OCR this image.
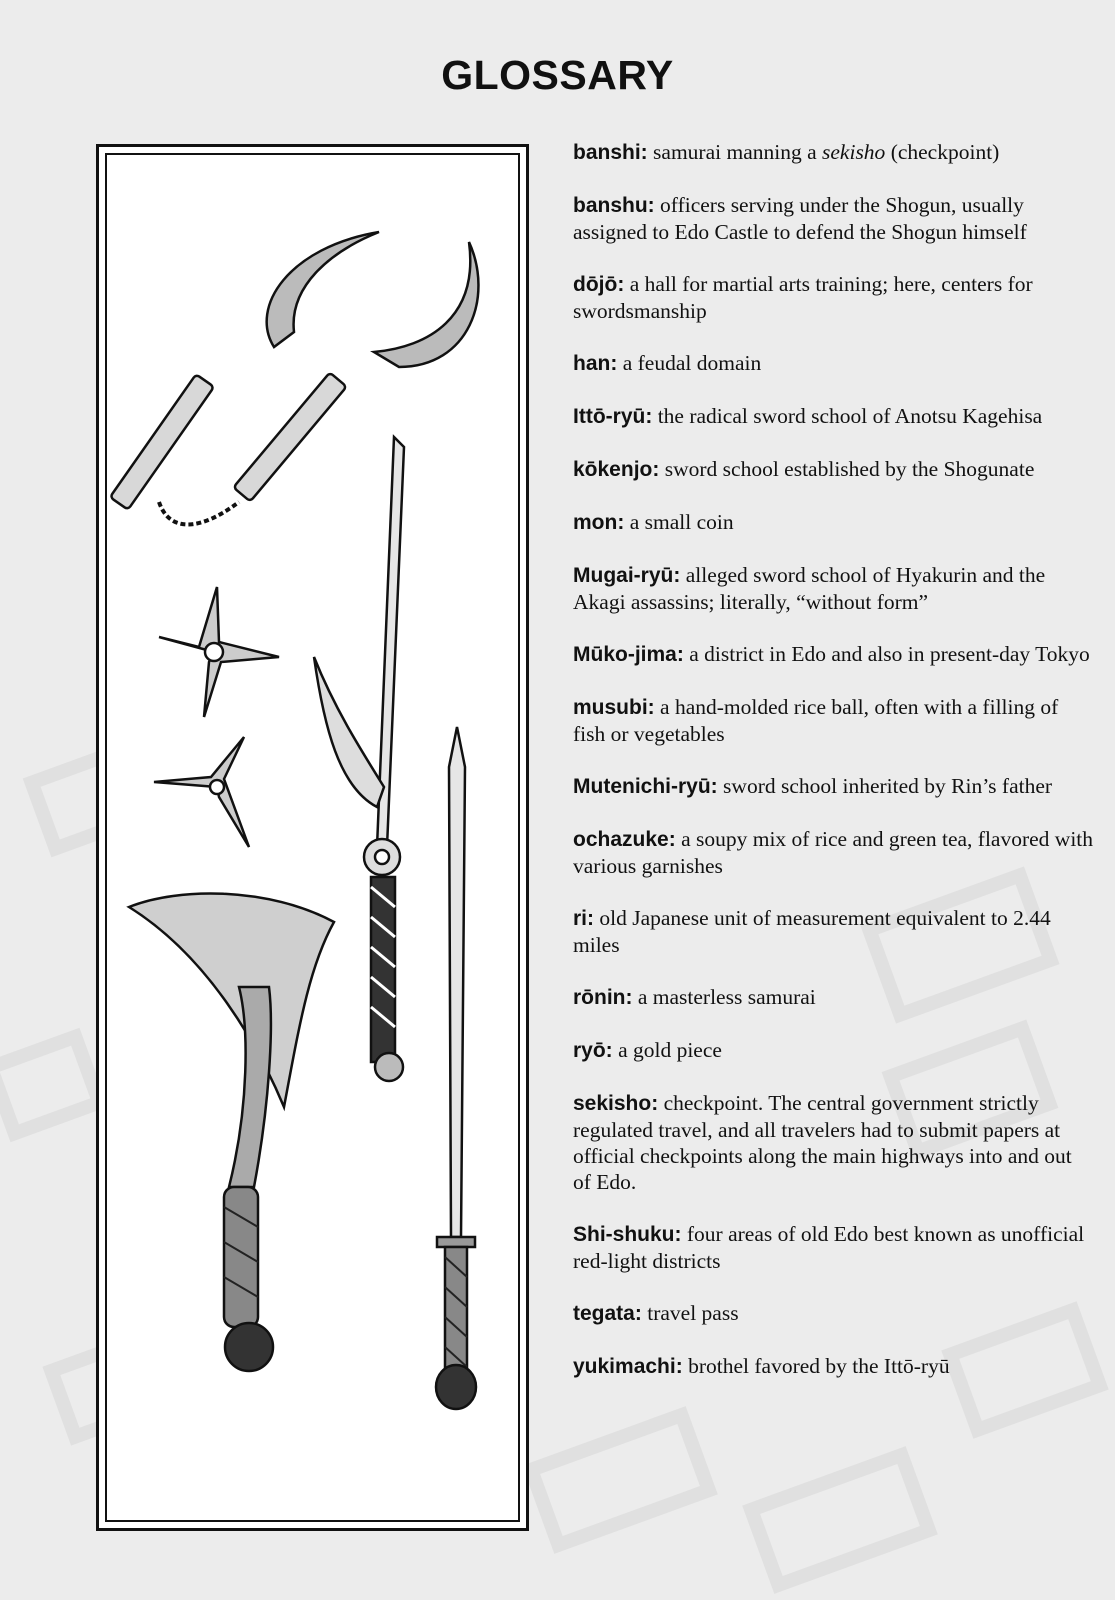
GLOSSARY
banshi: samurai manning a sekisho (checkpoint)
banshu: officers serving under the Shogun, usually assigned to Edo Castle to defend the Shogun himself
dōjō: a hall for martial arts training; here, centers for swordsmanship
han: a feudal domain
Ittō-ryū: the radical sword school of Anotsu Kagehisa
kōkenjo: sword school established by the Shogunate
mon: a small coin
Mugai-ryū: alleged sword school of Hyakurin and the Akagi assassins; literally, “without form”
Mūko-jima: a district in Edo and also in present-day Tokyo
musubi: a hand-molded rice ball, often with a filling of fish or vegetables
Mutenichi-ryū: sword school inherited by Rin’s father
ochazuke: a soupy mix of rice and green tea, flavored with various garnishes
ri: old Japanese unit of measurement equivalent to 2.44 miles
rōnin: a masterless samurai
ryō: a gold piece
sekisho: checkpoint. The central government strictly regulated travel, and all travelers had to submit papers at official checkpoints along the main highways into and out of Edo.
Shi-shuku: four areas of old Edo best known as unofficial red-light districts
tegata: travel pass
yukimachi: brothel favored by the Ittō-ryū
